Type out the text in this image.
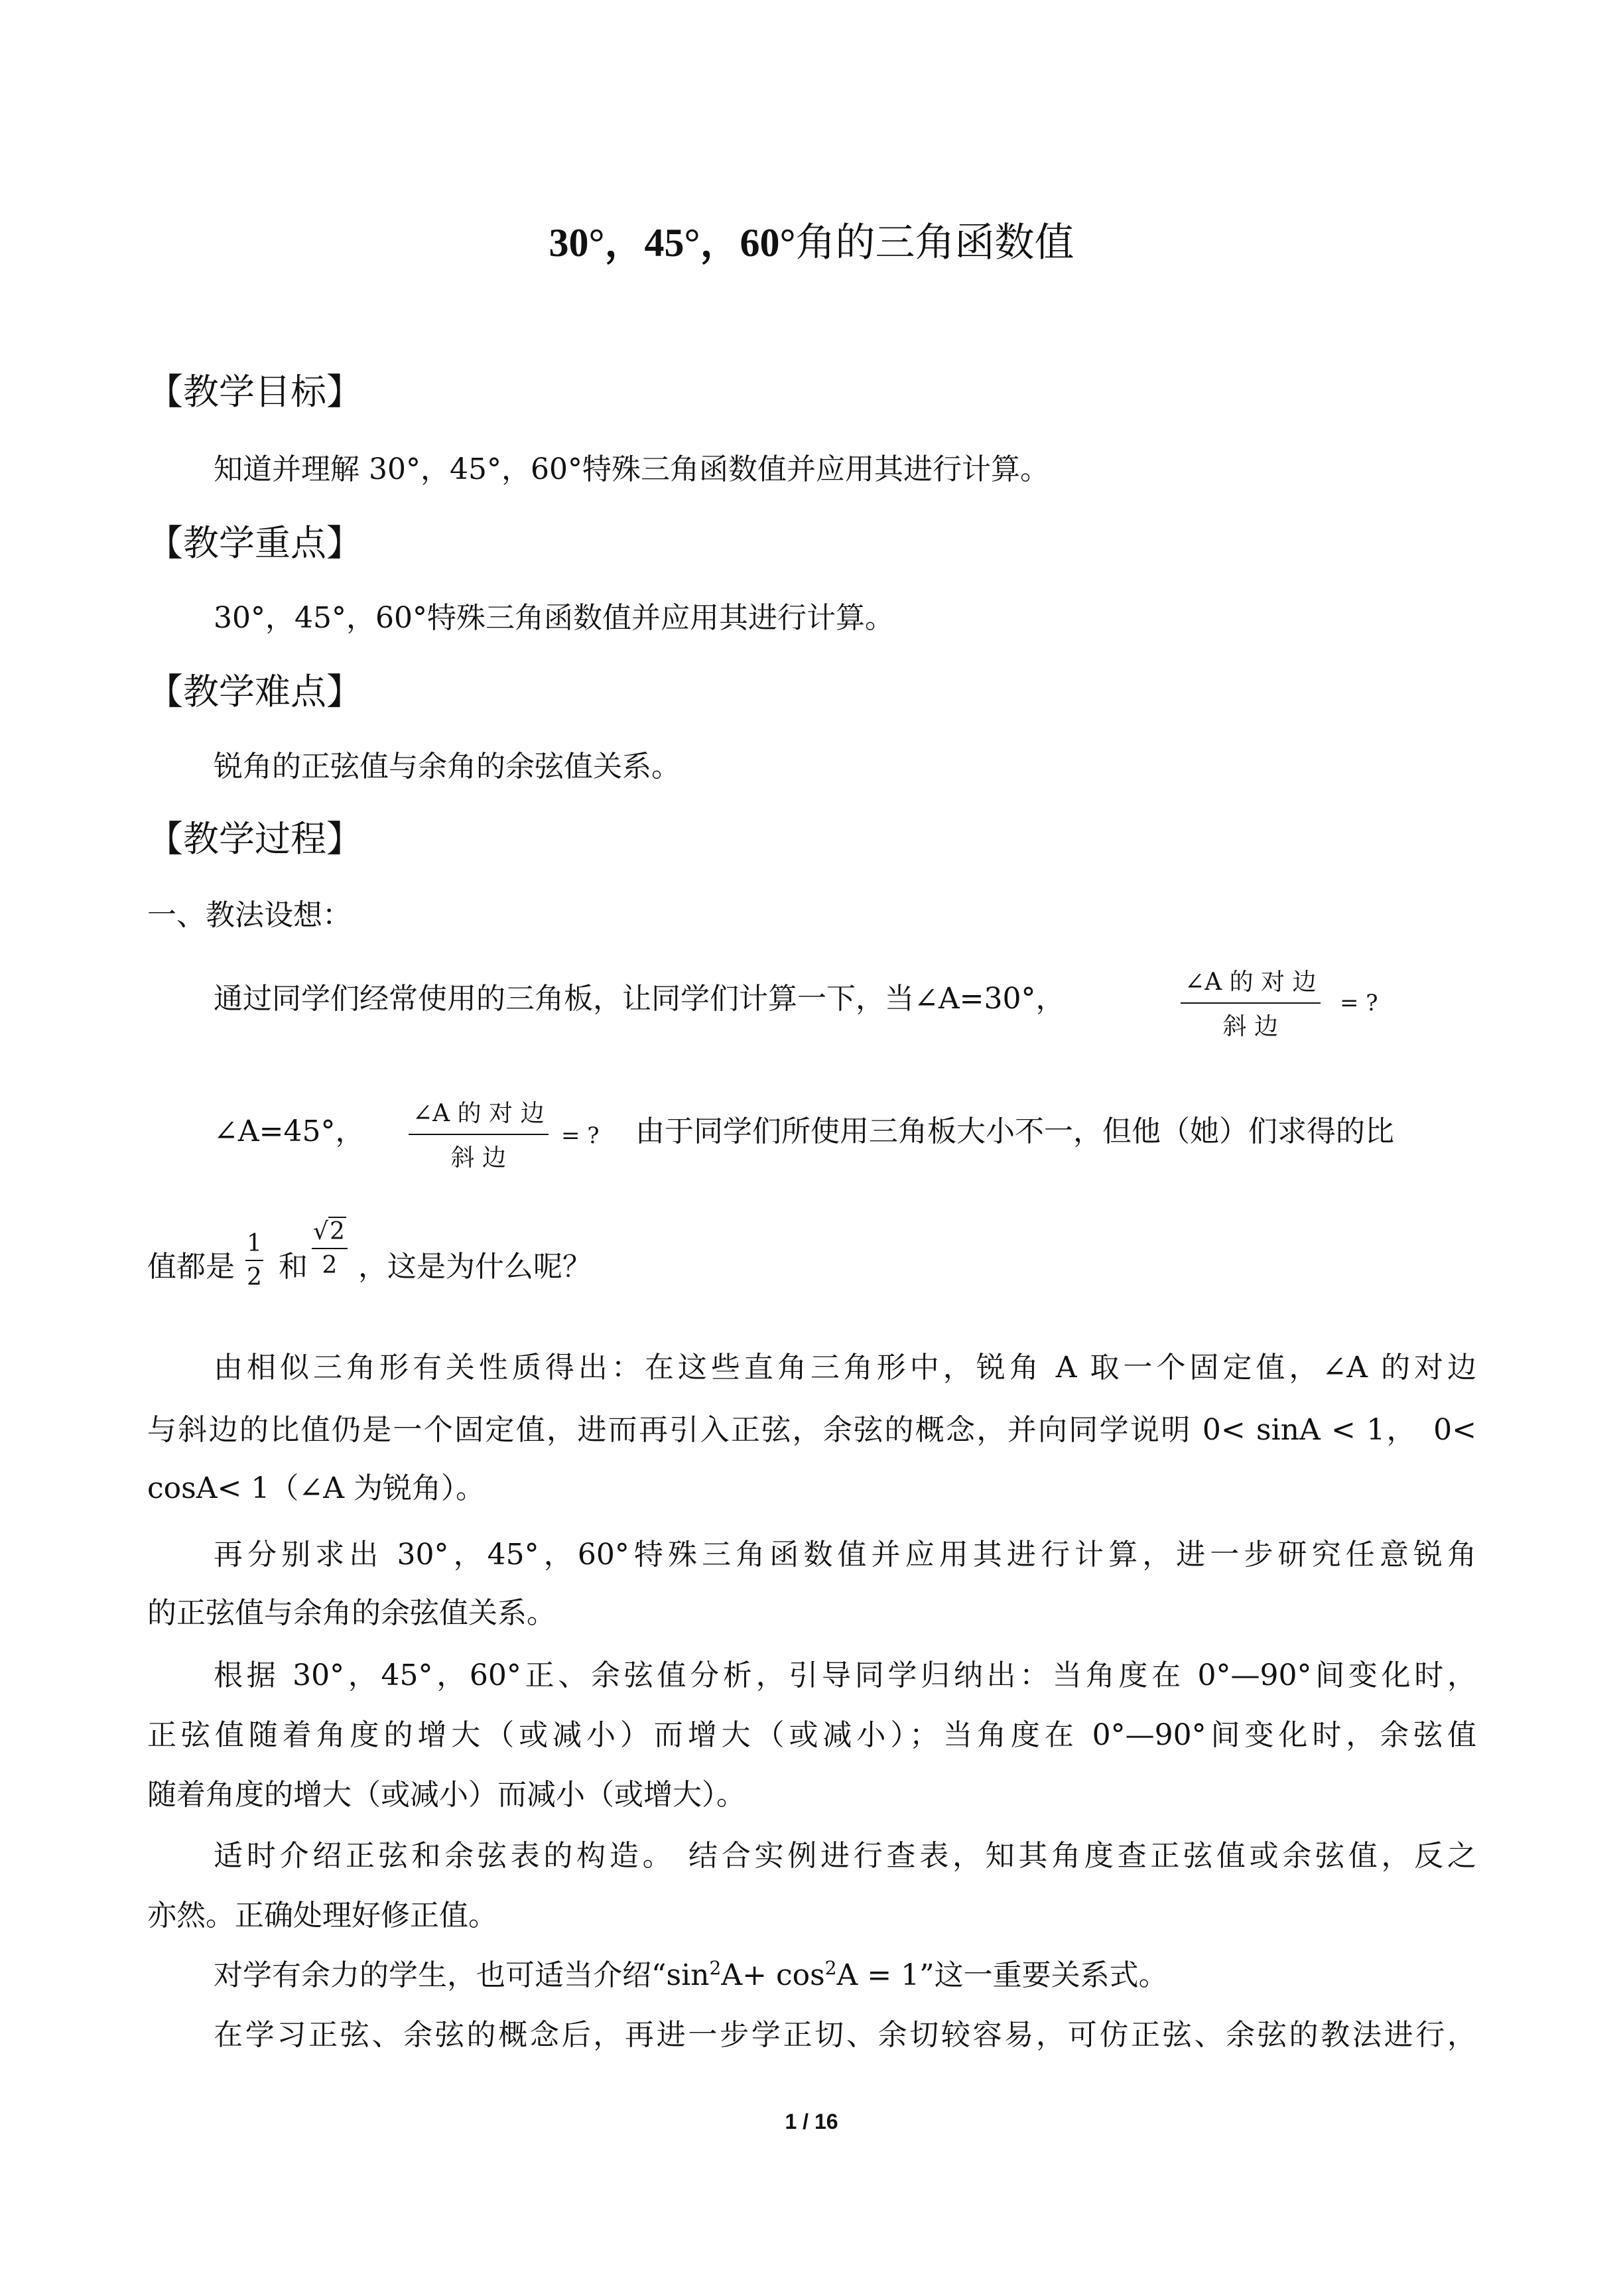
30°，45°，60°角的三角函数值
【教学目标】
知道并理解 30°，45°，60°特殊三角函数值并应用其进行计算。
【教学重点】
30°，45°，60°特殊三角函数值并应用其进行计算。
【教学难点】
锐角的正弦值与余角的余弦值关系。
【教学过程】
一、教法设想：
通过同学们经常使用的三角板，让同学们计算一下，当∠A=30°，	∠A 的 对 边
斜 边
= ?
∠A=45°，
∠A 的 对 边
斜 边
= ? 由于同学们所使用三角板大小不一，但他（她）们求得的比
值都是 $\frac{1}{2}$ 和 $\frac{√2}{2}$ ，这是为什么呢？
由相似三角形有关性质得出：在这些直角三角形中，锐角 A 取一个固定值，∠A 的对边
与斜边的比值仍是一个固定值，进而再引入正弦，余弦的概念，并向同学说明 0< sinA < 1，　0<
cosA< 1（∠A 为锐角）。
再分别求出 30°，45°，60°特殊三角函数值并应用其进行计算，进一步研究任意锐角
的正弦值与余角的余弦值关系。
根据 30°，45°，60°正、余弦值分析，引导同学归纳出：当角度在 0°—90°间变化时，
正弦值随着角度的增大（或减小）而增大（或减小）；当角度在 0°—90°间变化时，余弦值
随着角度的增大（或减小）而减小（或增大）。
适时介绍正弦和余弦表的构造。 结合实例进行查表，知其角度查正弦值或余弦值，反之
亦然。正确处理好修正值。
对学有余力的学生，也可适当介绍“$\sin^2A+ \cos^2A = 1$”这一重要关系式。
在学习正弦、余弦的概念后，再进一步学正切、余切较容易，可仿正弦、余弦的教法进行，
1 / 16
